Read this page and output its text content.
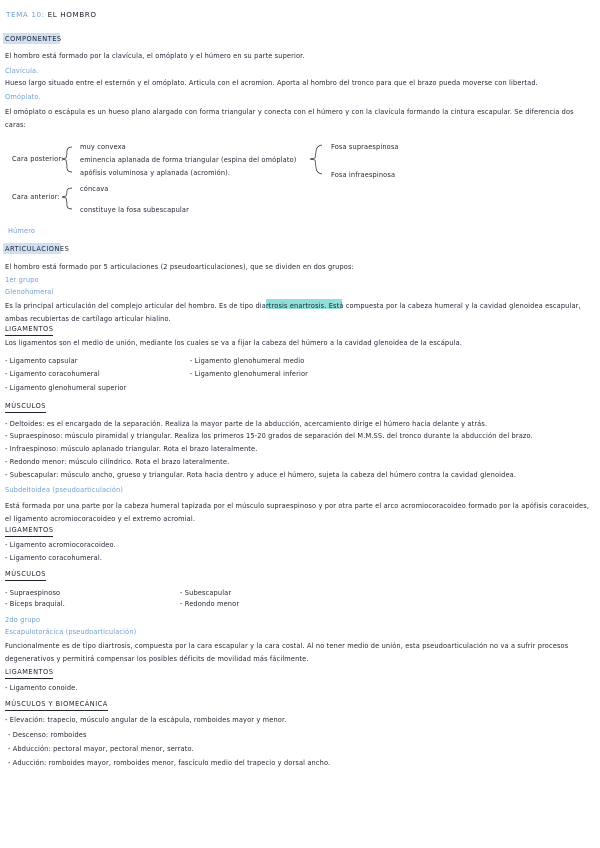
TEMA 10: EL HOMBRO
COMPONENTES
El hombro está formado por la clavícula, el omóplato y el húmero en su parte superior.
Clavícula.
Hueso largo situado entre el esternón y el omóplato. Articula con el acromion. Aporta al hombro del tronco para que el brazo pueda moverse con libertad.
Omóplato.
El omóplato o escápula es un hueso plano alargado con forma triangular y conecta con el húmero y con la clavícula formando la cintura escapular. Se diferencia dos caras:
Cara posterior:
muy convexa
eminencia aplanada de forma triangular (espina del omóplato)
apófisis voluminosa y aplanada (acromión).
Fosa supraespinosa
Fosa infraespinosa
Cara anterior:
cóncava
constituye la fosa subescapular
Húmero
ARTICULACIONES
El hombro está formado por 5 articulaciones (2 pseudoarticulaciones), que se dividen en dos grupos:
1er grupo
Glenohumeral
Es la principal articulación del complejo articular del hombro. Es de tipo diartrosis enartrosis. Está compuesta por la cabeza humeral y la cavidad glenoidea escapular, ambas recubiertas de cartílago articular hialino.
LIGAMENTOS
Los ligamentos son el medio de unión, mediante los cuales se va a fijar la cabeza del húmero a la cavidad glenoidea de la escápula.
- Ligamento capsular
- Ligamento coracohumeral
- Ligamento glenohumeral superior
- Ligamento glenohumeral medio
- Ligamento glenohumeral inferior
MÚSCULOS
- Deltoides: es el encargado de la separación. Realiza la mayor parte de la abducción, acercamiento dirige el húmero hacia delante y atrás.
- Supraespinoso: músculo piramidal y triangular. Realiza los primeros 15-20 grados de separación del M.M.SS. del tronco durante la abducción del brazo.
- Infraespinoso: músculo aplanado triangular. Rota el brazo lateralmente.
- Redondo menor: músculo cilíndrico. Rota el brazo lateralmente.
- Subescapular: músculo ancho, grueso y triangular. Rota hacia dentro y aduce el húmero, sujeta la cabeza del húmero contra la cavidad glenoidea.
Subdeltoidea (pseudoarticulación)
Está formada por una parte por la cabeza humeral tapizada por el músculo supraespinoso y por otra parte el arco acromiocoracoideo formado por la apófisis coracoides, el ligamento acromiocoracoideo y el extremo acromial.
LIGAMENTOS
- Ligamento acromiocoracoideo.
- Ligamento coracohumeral.
MÚSCULOS
- Supraespinoso
- Bíceps braquial.
- Subescapular
- Redondo menor
2do grupo
Escapulotorácica (pseudoarticulación)
Funcionalmente es de tipo diartrosis, compuesta por la cara escapular y la cara costal. Al no tener medio de unión, esta pseudoarticulación no va a sufrir procesos degenerativos y permitirá compensar los posibles déficits de movilidad más fácilmente.
LIGAMENTOS
- Ligamento conoide.
MÚSCULOS Y BIOMECÁNICA
- Elevación: trapecio, músculo angular de la escápula, romboides mayor y menor.
- Descenso: romboides
- Abducción: pectoral mayor, pectoral menor, serrato.
- Aducción: romboides mayor, romboides menor, fascículo medio del trapecio y dorsal ancho.
